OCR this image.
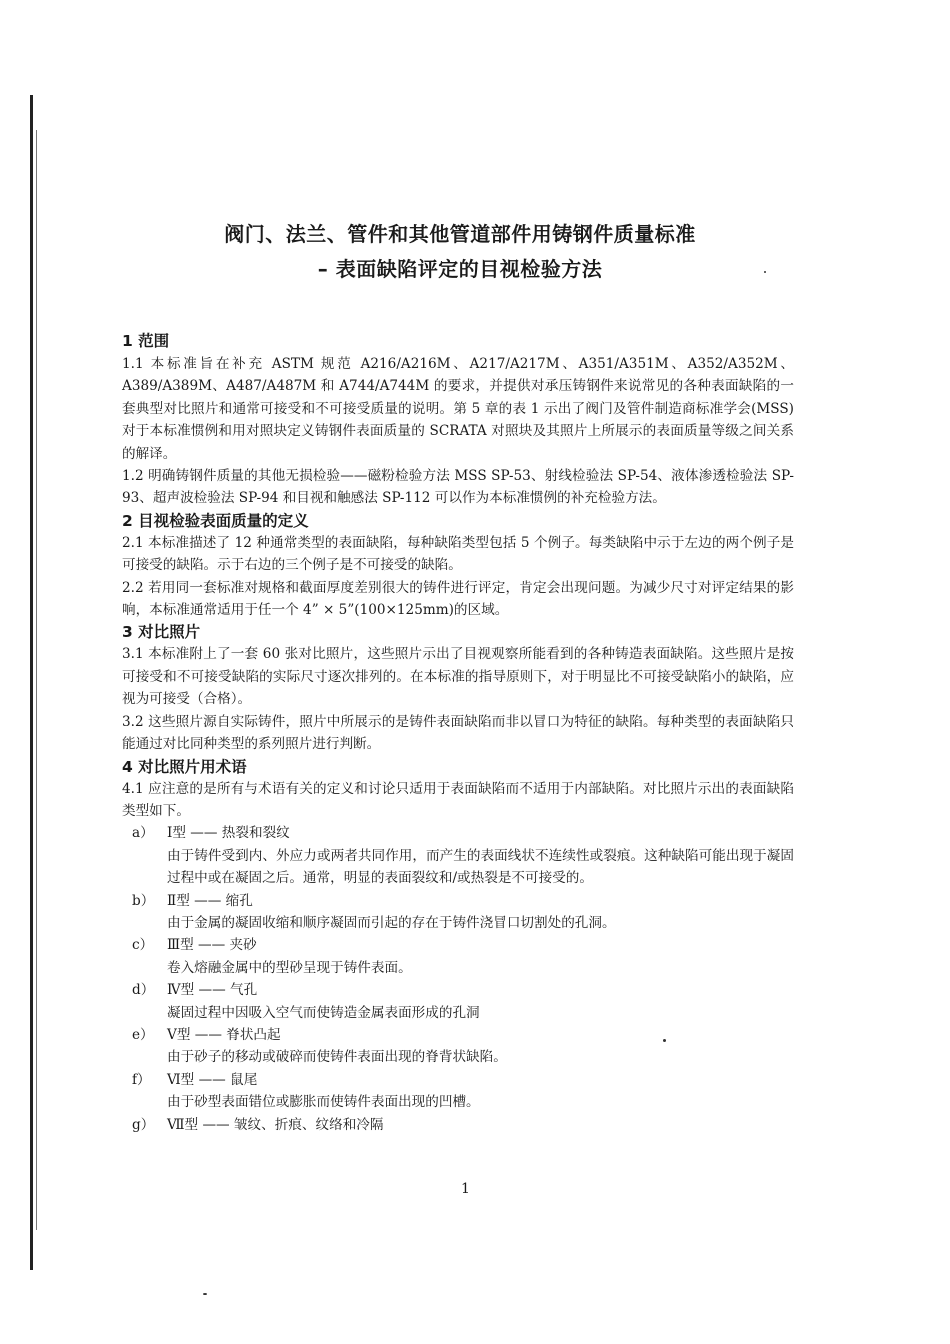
阀门、法兰、管件和其他管道部件用铸钢件质量标准
– 表面缺陷评定的目视检验方法

1 范围

1.1 本标准旨在补充 ASTM 规范 A216/A216M、A217/A217M、A351/A351M、A352/A352M、A389/A389M、A487/A487M 和 A744/A744M 的要求，并提供对承压铸钢件来说常见的各种表面缺陷的一套典型对比照片和通常可接受和不可接受质量的说明。第 5 章的表 1 示出了阀门及管件制造商标准学会(MSS) 对于本标准惯例和用对照块定义铸钢件表面质量的 SCRATA 对照块及其照片上所展示的表面质量等级之间关系的解译。

1.2 明确铸钢件质量的其他无损检验——磁粉检验方法 MSS SP-53、射线检验法 SP-54、液体渗透检验法 SP-93、超声波检验法 SP-94 和目视和触感法 SP-112 可以作为本标准惯例的补充检验方法。

2 目视检验表面质量的定义

2.1 本标准描述了 12 种通常类型的表面缺陷，每种缺陷类型包括 5 个例子。每类缺陷中示于左边的两个例子是可接受的缺陷。示于右边的三个例子是不可接受的缺陷。

2.2 若用同一套标准对规格和截面厚度差别很大的铸件进行评定，肯定会出现问题。为减少尺寸对评定结果的影响，本标准通常适用于任一个 4” × 5”(100×125mm)的区域。

3 对比照片

3.1 本标准附上了一套 60 张对比照片，这些照片示出了目视观察所能看到的各种铸造表面缺陷。这些照片是按可接受和不可接受缺陷的实际尺寸逐次排列的。在本标准的指导原则下，对于明显比不可接受缺陷小的缺陷，应视为可接受（合格）。

3.2 这些照片源自实际铸件，照片中所展示的是铸件表面缺陷而非以冒口为特征的缺陷。每种类型的表面缺陷只能通过对比同种类型的系列照片进行判断。

4 对比照片用术语

4.1 应注意的是所有与术语有关的定义和讨论只适用于表面缺陷而不适用于内部缺陷。对比照片示出的表面缺陷类型如下。

a） Ⅰ型 —— 热裂和裂纹

由于铸件受到内、外应力或两者共同作用，而产生的表面线状不连续性或裂痕。这种缺陷可能出现于凝固过程中或在凝固之后。通常，明显的表面裂纹和/或热裂是不可接受的。

b） Ⅱ型 —— 缩孔

由于金属的凝固收缩和顺序凝固而引起的存在于铸件浇冒口切割处的孔洞。

c）	Ⅲ型 —— 夹砂

卷入熔融金属中的型砂呈现于铸件表面。

d） Ⅳ型 —— 气孔

凝固过程中因吸入空气而使铸造金属表面形成的孔洞

e） Ⅴ型 —— 脊状凸起

由于砂子的移动或破碎而使铸件表面出现的脊背状缺陷。

f）	Ⅵ型 —— 鼠尾

由于砂型表面错位或膨胀而使铸件表面出现的凹槽。

g） Ⅶ型 —— 皱纹、折痕、纹络和冷隔
1
